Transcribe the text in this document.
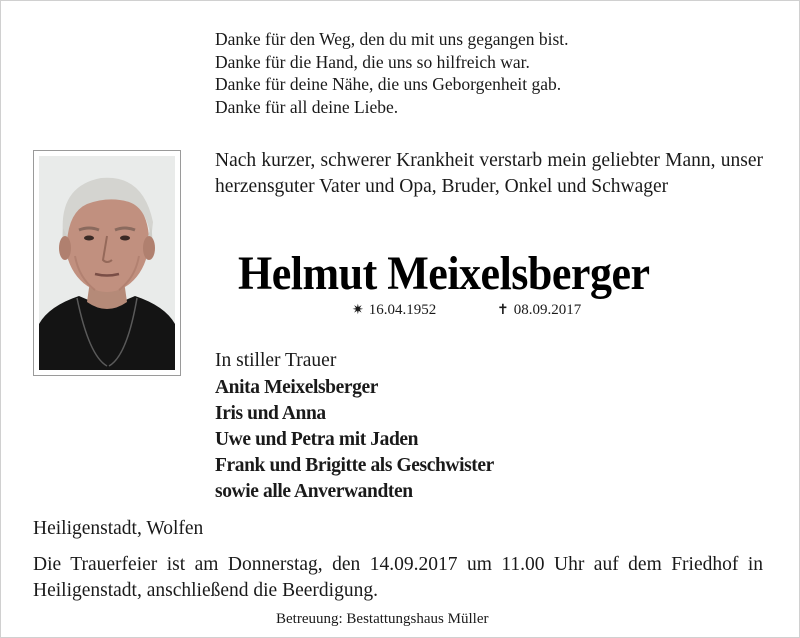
Danke für den Weg, den du mit uns gegangen bist.
Danke für die Hand, die uns so hilfreich war.
Danke für deine Nähe, die uns Geborgenheit gab.
Danke für all deine Liebe.
Nach kurzer, schwerer Krankheit verstarb mein geliebter Mann, unser herzensguter Vater und Opa, Bruder, Onkel und Schwager
Helmut Meixelsberger
✷ 16.04.1952	✝ 08.09.2017
In stiller Trauer
Anita Meixelsberger
Iris und Anna
Uwe und Petra mit Jaden
Frank und Brigitte als Geschwister
sowie alle Anverwandten
Heiligenstadt, Wolfen
Die Trauerfeier ist am Donnerstag, den 14.09.2017 um 11.00 Uhr auf dem Friedhof in Heiligenstadt, anschließend die Beerdigung.
Betreuung: Bestattungshaus Müller
